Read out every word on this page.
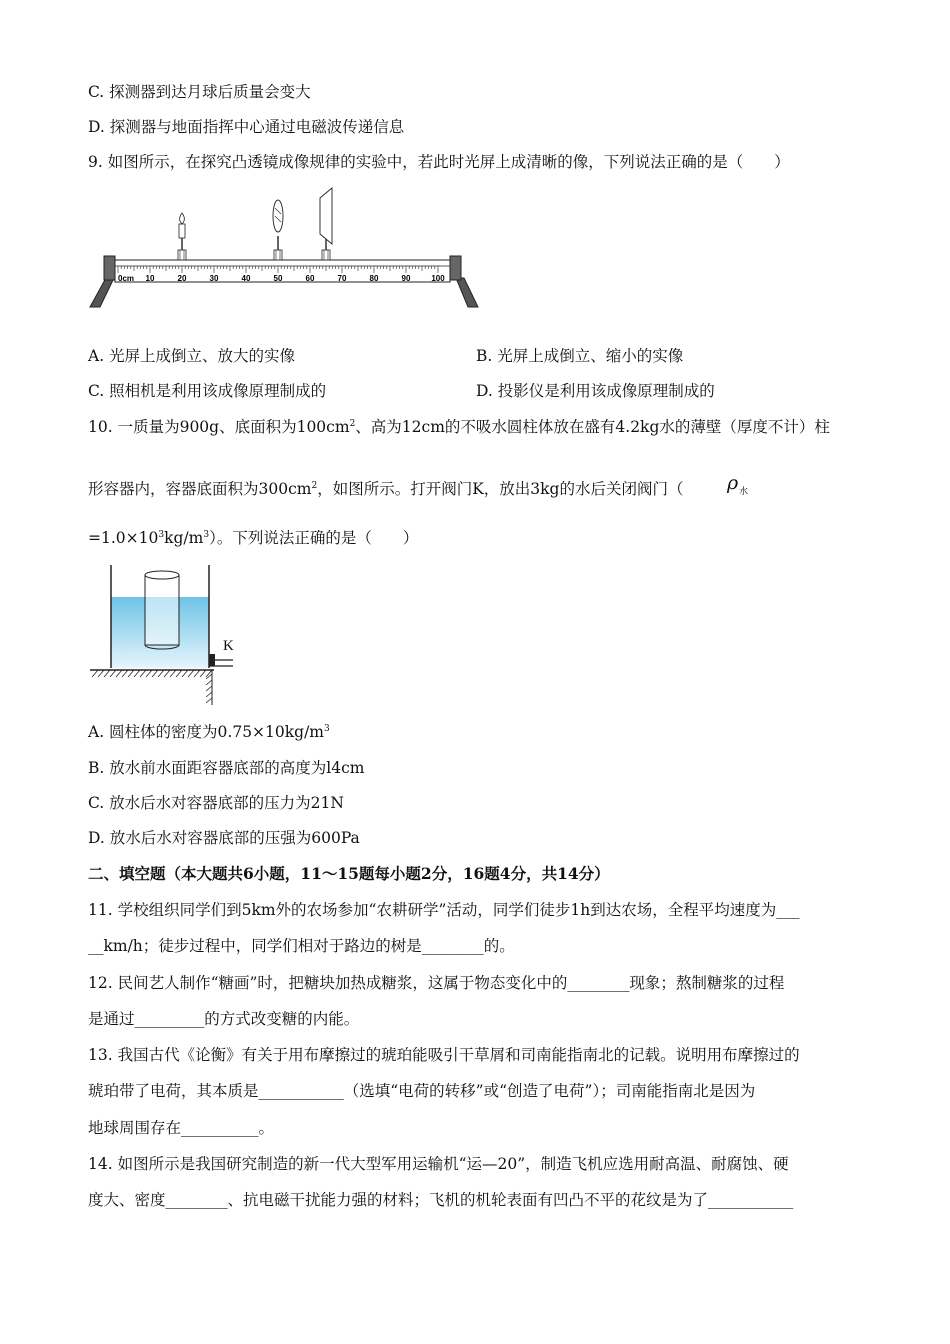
C. 探测器到达月球后质量会变大
D. 探测器与地面指挥中心通过电磁波传递信息
9. 如图所示，在探究凸透镜成像规律的实验中，若此时光屏上成清晰的像，下列说法正确的是（　　）
0cm 10	20	30	40	50	60	70	80	90	100
A. 光屏上成倒立、放大的实像	B. 光屏上成倒立、缩小的实像
C. 照相机是利用该成像原理制成的	D. 投影仪是利用该成像原理制成的
10. 一质量为900g、底面积为$100cm^2$、高为12cm的不吸水圆柱体放在盛有4.2kg水的薄壁（厚度不计）柱
形容器内，容器底面积为$300cm^2$，如图所示。打开阀门K，放出3kg的水后关闭阀门（ ρ 水
$=1.0\times 10^3kg/m^3$）。下列说法正确的是（　　）
K
A. 圆柱体的密度为$0.75\times 10kg/m^3$
B. 放水前水面距容器底部的高度为l4cm
C. 放水后水对容器底部的压力为21N
D. 放水后水对容器底部的压强为600Pa
二、填空题（本大题共6小题，11～15题每小题2分，16题4分，共14分）
11. 学校组织同学们到5km外的农场参加“农耕研学”活动，同学们徒步1h到达农场，全程平均速度为___
__km/h；徒步过程中，同学们相对于路边的树是________的。
12. 民间艺人制作“糖画”时，把糖块加热成糖浆，这属于物态变化中的________现象；熬制糖浆的过程
是通过_________的方式改变糖的内能。
13. 我国古代《论衡》有关于用布摩擦过的琥珀能吸引干草屑和司南能指南北的记载。说明用布摩擦过的
琥珀带了电荷，其本质是___________（选填“电荷的转移”或“创造了电荷”）；司南能指南北是因为
地球周围存在__________。
14. 如图所示是我国研究制造的新一代大型军用运输机“运—20”，制造飞机应选用耐高温、耐腐蚀、硬
度大、密度________、抗电磁干扰能力强的材料；飞机的机轮表面有凹凸不平的花纹是为了___________
